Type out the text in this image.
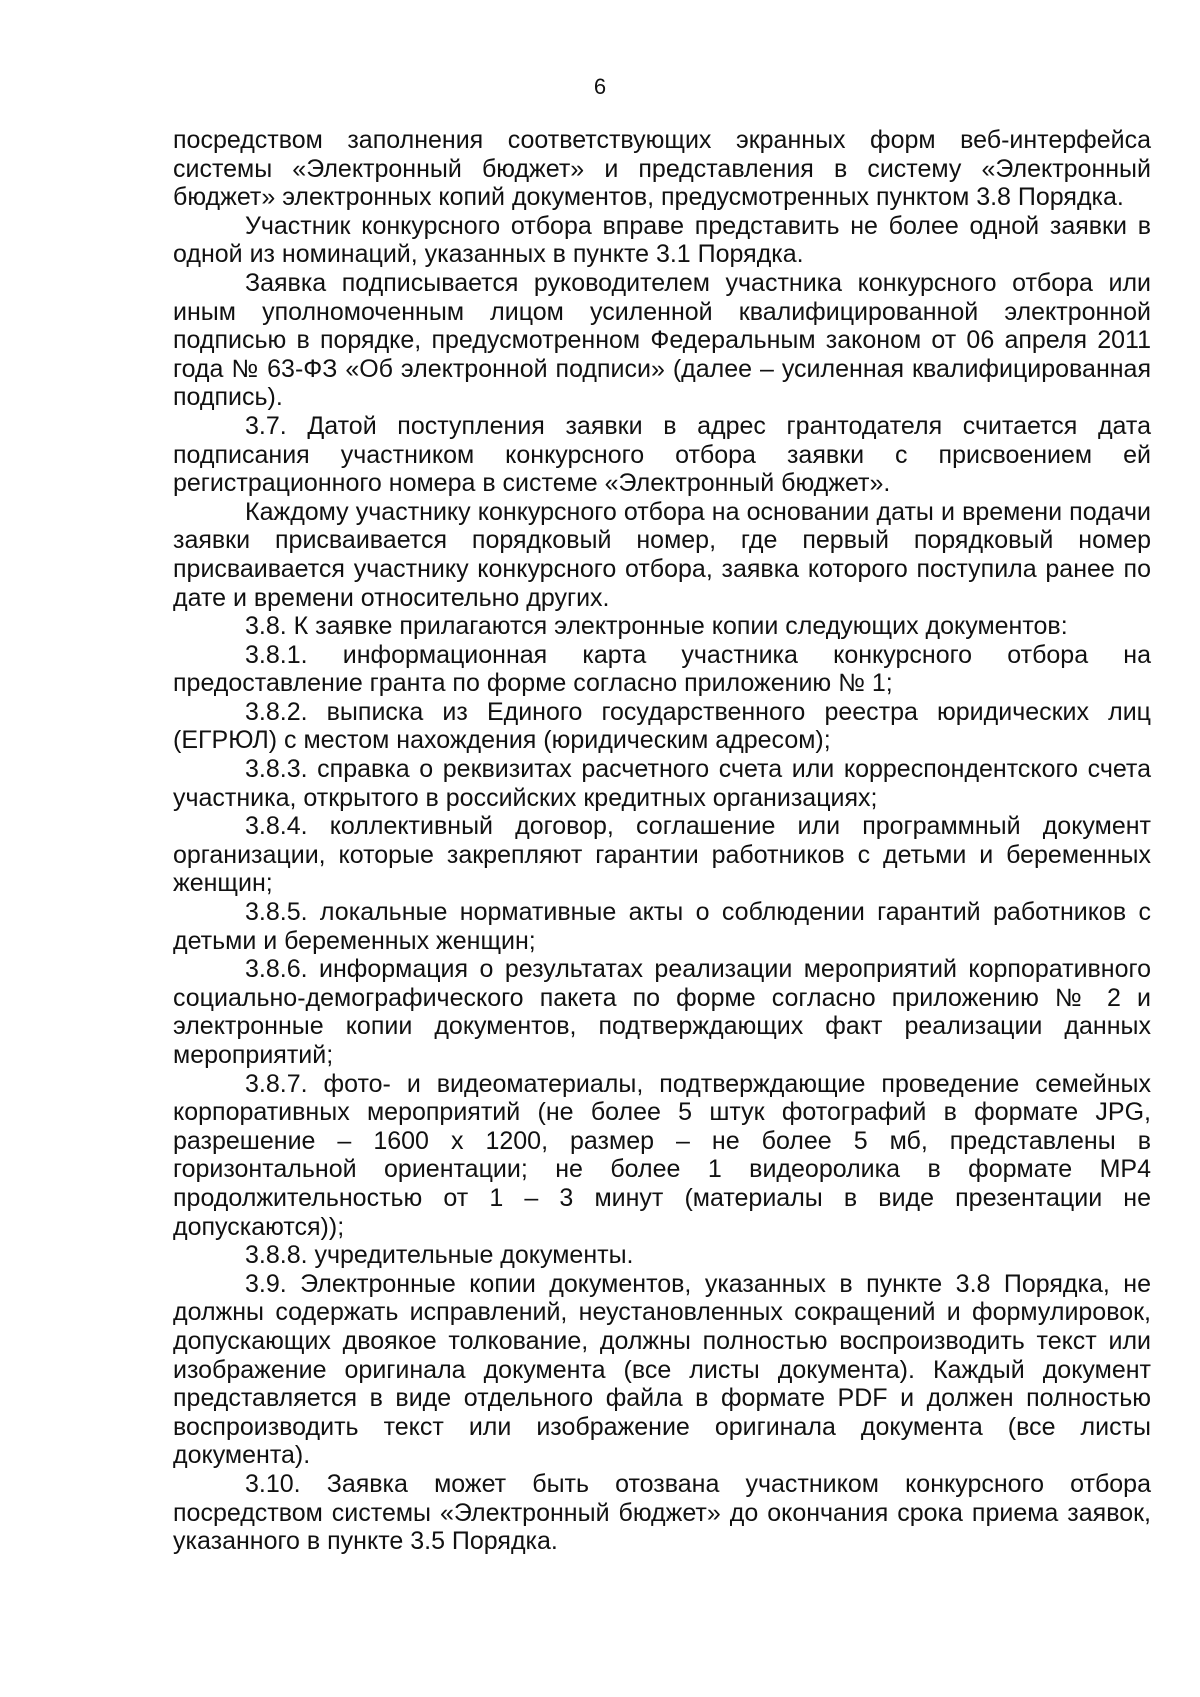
6

посредством заполнения соответствующих экранных форм веб-интерфейса системы «Электронный бюджет» и представления в систему «Электронный бюджет» электронных копий документов, предусмотренных пунктом 3.8 Порядка.

Участник конкурсного отбора вправе представить не более одной заявки в одной из номинаций, указанных в пункте 3.1 Порядка.

Заявка подписывается руководителем участника конкурсного отбора или иным уполномоченным лицом усиленной квалифицированной электронной подписью в порядке, предусмотренном Федеральным законом от 06 апреля 2011 года № 63-ФЗ «Об электронной подписи» (далее – усиленная квалифицированная подпись).

3.7. Датой поступления заявки в адрес грантодателя считается дата подписания участником конкурсного отбора заявки с присвоением ей регистрационного номера в системе «Электронный бюджет».

Каждому участнику конкурсного отбора на основании даты и времени подачи заявки присваивается порядковый номер, где первый порядковый номер присваивается участнику конкурсного отбора, заявка которого поступила ранее по дате и времени относительно других.

3.8. К заявке прилагаются электронные копии следующих документов:

3.8.1. информационная карта участника конкурсного отбора на предоставление гранта по форме согласно приложению № 1;

3.8.2. выписка из Единого государственного реестра юридических лиц (ЕГРЮЛ) с местом нахождения (юридическим адресом);

3.8.3. справка о реквизитах расчетного счета или корреспондентского счета участника, открытого в российских кредитных организациях;

3.8.4. коллективный договор, соглашение или программный документ организации, которые закрепляют гарантии работников с детьми и беременных женщин;

3.8.5. локальные нормативные акты о соблюдении гарантий работников с детьми и беременных женщин;

3.8.6. информация о результатах реализации мероприятий корпоративного социально-демографического пакета по форме согласно приложению № 2 и электронные копии документов, подтверждающих факт реализации данных мероприятий;

3.8.7. фото- и видеоматериалы, подтверждающие проведение семейных корпоративных мероприятий (не более 5 штук фотографий в формате JPG, разрешение – 1600 х 1200, размер – не более 5 мб, представлены в горизонтальной ориентации; не более 1 видеоролика в формате MP4 продолжительностью от 1 – 3 минут (материалы в виде презентации не допускаются));

3.8.8. учредительные документы.

3.9. Электронные копии документов, указанных в пункте 3.8 Порядка, не должны содержать исправлений, неустановленных сокращений и формулировок, допускающих двоякое толкование, должны полностью воспроизводить текст или изображение оригинала документа (все листы документа). Каждый документ представляется в виде отдельного файла в формате PDF и должен полностью воспроизводить текст или изображение оригинала документа (все листы документа).

3.10. Заявка может быть отозвана участником конкурсного отбора посредством системы «Электронный бюджет» до окончания срока приема заявок, указанного в пункте 3.5 Порядка.
